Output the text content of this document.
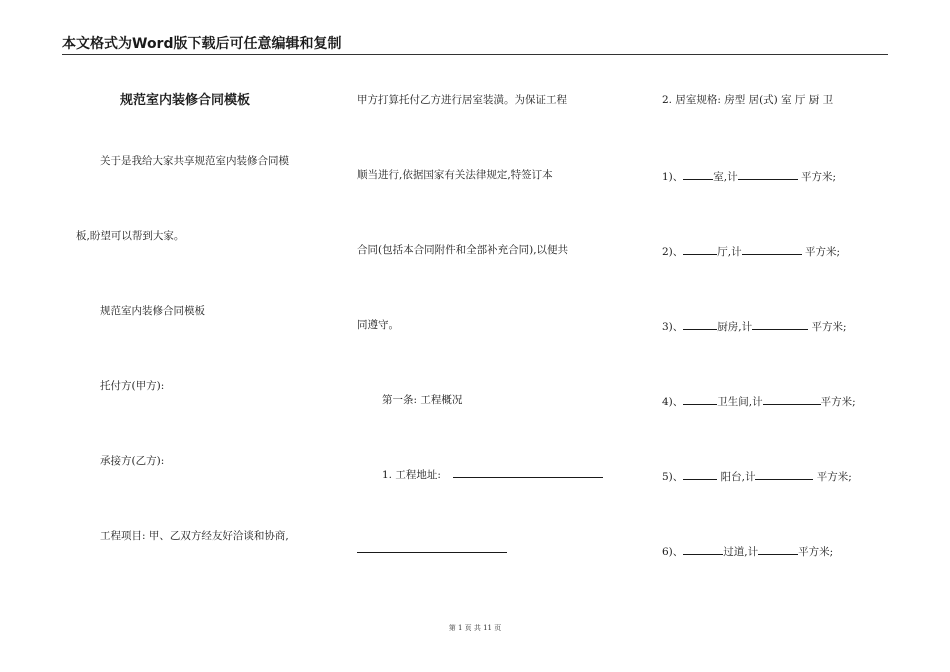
本文格式为Word版下载后可任意编辑和复制
规范室内装修合同模板
关于是我给大家共享规范室内装修合同模
板,盼望可以帮到大家。
规范室内装修合同模板
托付方(甲方):
承接方(乙方):
工程项目: 甲、乙双方经友好洽谈和协商,
甲方打算托付乙方进行居室装潢。为保证工程
顺当进行,依据国家有关法律规定,特签订本
合同(包括本合同附件和全部补充合同),以便共
同遵守。
第一条: 工程概况
1. 工程地址:
2. 居室规格: 房型 居(式) 室 厅 厨 卫
1)、	室,计	平方米;
2)、	厅,计	平方米;
3)、	厨房,计	平方米;
4)、	卫生间,计	平方米;
5)、	阳台,计	平方米;
6)、	过道,计	平方米;
第 1 页 共 11 页
